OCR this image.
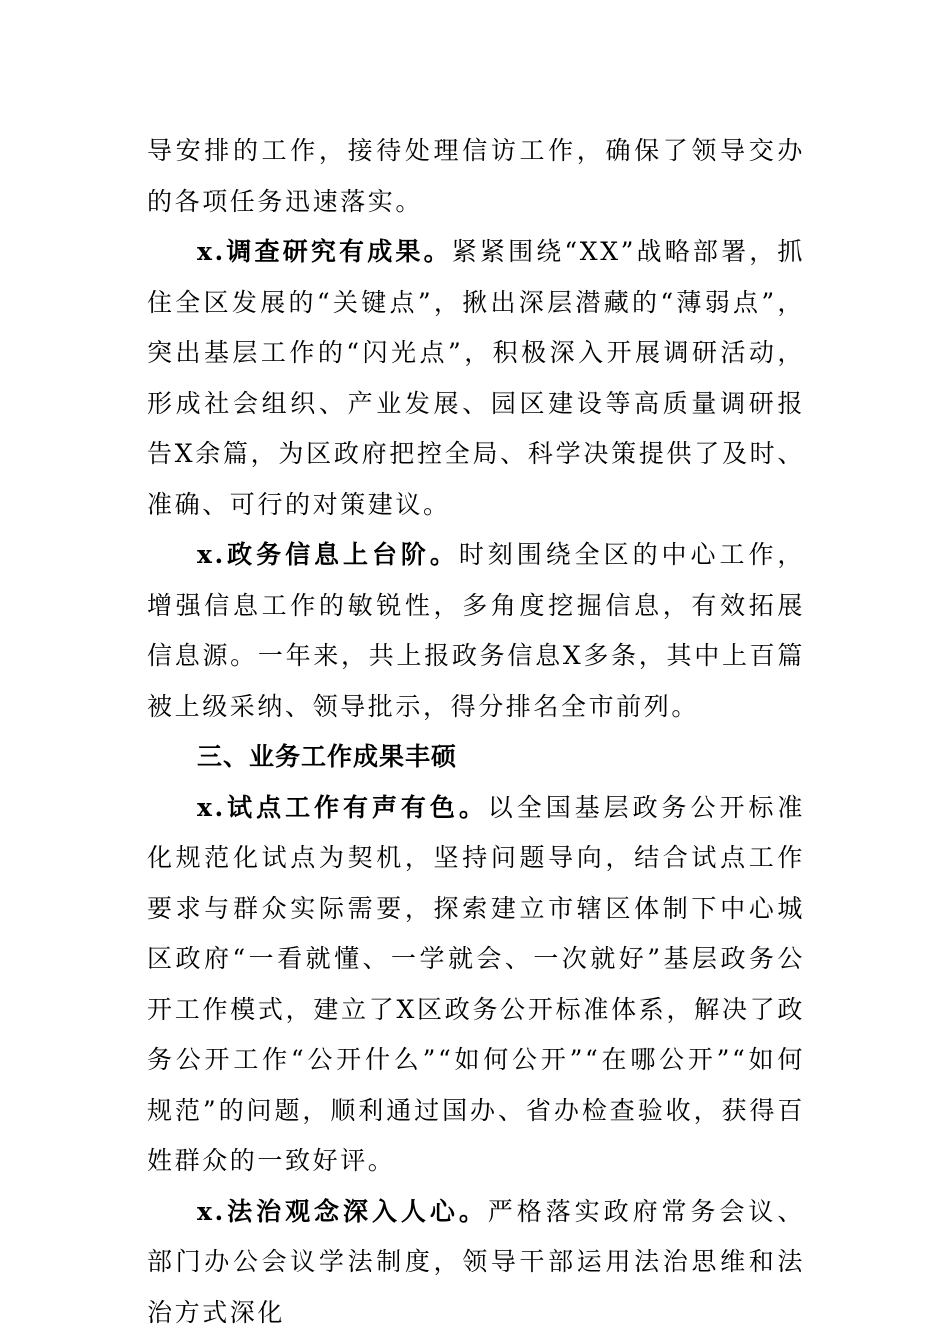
导安排的工作，接待处理信访工作，确保了领导交办的各项任务迅速落实。

x.调查研究有成果。紧紧围绕“XX”战略部署，抓住全区发展的“关键点”，揪出深层潜藏的“薄弱点”，突出基层工作的“闪光点”，积极深入开展调研活动，形成社会组织、产业发展、园区建设等高质量调研报告X余篇，为区政府把控全局、科学决策提供了及时、准确、可行的对策建议。

x.政务信息上台阶。时刻围绕全区的中心工作，增强信息工作的敏锐性，多角度挖掘信息，有效拓展信息源。一年来，共上报政务信息X多条，其中上百篇被上级采纳、领导批示，得分排名全市前列。

三、业务工作成果丰硕

x.试点工作有声有色。以全国基层政务公开标准化规范化试点为契机，坚持问题导向，结合试点工作要求与群众实际需要，探索建立市辖区体制下中心城区政府“一看就懂、一学就会、一次就好”基层政务公开工作模式，建立了X区政务公开标准体系，解决了政务公开工作“公开什么”“如何公开”“在哪公开”“如何规范”的问题，顺利通过国办、省办检查验收，获得百姓群众的一致好评。

x.法治观念深入人心。严格落实政府常务会议、部门办公会议学法制度，领导干部运用法治思维和法治方式深化
